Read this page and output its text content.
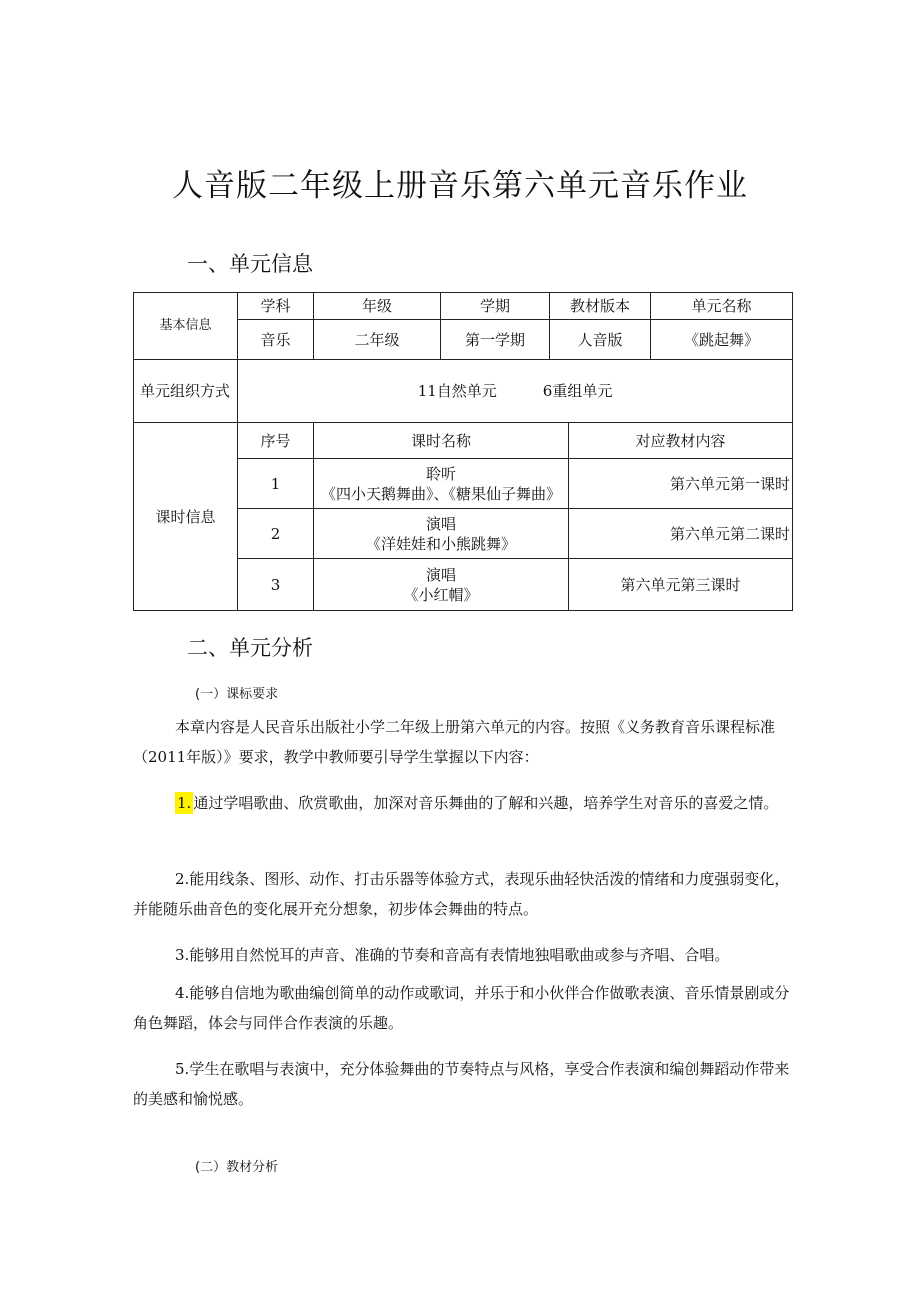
人音版二年级上册音乐第六单元音乐作业
一、单元信息
基本信息	学科	年级	学期	教材版本		单元名称
	音乐	二年级	第一学期	人音版		《跳起舞》
单元组织方式	11自然单元 6重组单元					
课时信息	序号	课时名称			对应教材内容	
	1	聆听
《四小天鹅舞曲》、《糖果仙子舞曲》			第六单元第一课时	
	2	演唱
《洋娃娃和小熊跳舞》			第六单元第二课时	
	3	演唱
《小红帽》			第六单元第三课时	
二、单元分析
(一）课标要求
本章内容是人民音乐出版社小学二年级上册第六单元的内容。按照《义务教育音乐课程标准（2011年版）》要求，教学中教师要引导学生掌握以下内容：
1. 通过学唱歌曲、欣赏歌曲，加深对音乐舞曲的了解和兴趣，培养学生对音乐的喜爱之情。
2.能用线条、图形、动作、打击乐器等体验方式，表现乐曲轻快活泼的情绪和力度强弱变化，并能随乐曲音色的变化展开充分想象，初步体会舞曲的特点。
3.能够用自然悦耳的声音、准确的节奏和音高有表情地独唱歌曲或参与齐唱、合唱。
4.能够自信地为歌曲编创简单的动作或歌词，并乐于和小伙伴合作做歌表演、音乐情景剧或分角色舞蹈，体会与同伴合作表演的乐趣。
5.学生在歌唱与表演中，充分体验舞曲的节奏特点与风格，享受合作表演和编创舞蹈动作带来的美感和愉悦感。
(二）教材分析
